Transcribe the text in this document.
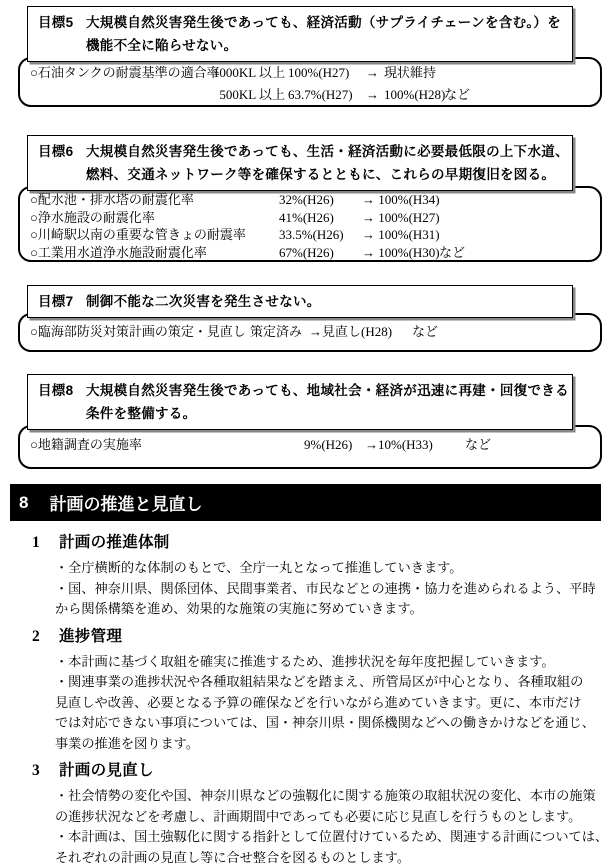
目標5 大規模自然災害発生後であっても、経済活動（サプライチェーンを含む。）を
機能不全に陥らせない。
○石油タンクの耐震基準の適合率
1000KL 以上 100%(H27)	→ 現状維持
500KL 以上 63.7%(H27)	→ 100%(H28)
など
目標6 大規模自然災害発生後であっても、生活・経済活動に必要最低限の上下水道、
燃料、交通ネットワーク等を確保するとともに、これらの早期復旧を図る。
○配水池・排水塔の耐震化率	32%(H26)	→ 100%(H34)
○浄水施設の耐震化率	41%(H26)	→ 100%(H27)
○川崎駅以南の重要な管きょの耐震率	33.5%(H26)	→ 100%(H31)
○工業用水道浄水施設耐震化率	67%(H26)	→ 100%(H30) など
目標7 制御不能な二次災害を発生させない。
○臨海部防災対策計画の策定・見直し 策定済み →見直し(H28)	など
目標8 大規模自然災害発生後であっても、地域社会・経済が迅速に再建・回復できる
条件を整備する。
○地籍調査の実施率	9%(H26) →10%(H33)	など
8 計画の推進と見直し
1	計画の推進体制
・全庁横断的な体制のもとで、全庁一丸となって推進していきます。
・国、神奈川県、関係団体、民間事業者、市民などとの連携・協力を進められるよう、平時
から関係構築を進め、効果的な施策の実施に努めていきます。
2	進捗管理
・本計画に基づく取組を確実に推進するため、進捗状況を毎年度把握していきます。
・関連事業の進捗状況や各種取組結果などを踏まえ、所管局区が中心となり、各種取組の
見直しや改善、必要となる予算の確保などを行いながら進めていきます。更に、本市だけ
では対応できない事項については、国・神奈川県・関係機関などへの働きかけなどを通じ、
事業の推進を図ります。
3	計画の見直し
・社会情勢の変化や国、神奈川県などの強靱化に関する施策の取組状況の変化、本市の施策
の進捗状況などを考慮し、計画期間中であっても必要に応じ見直しを行うものとします。
・本計画は、国土強靱化に関する指針として位置付けているため、関連する計画については、
それぞれの計画の見直し等に合せ整合を図るものとします。
